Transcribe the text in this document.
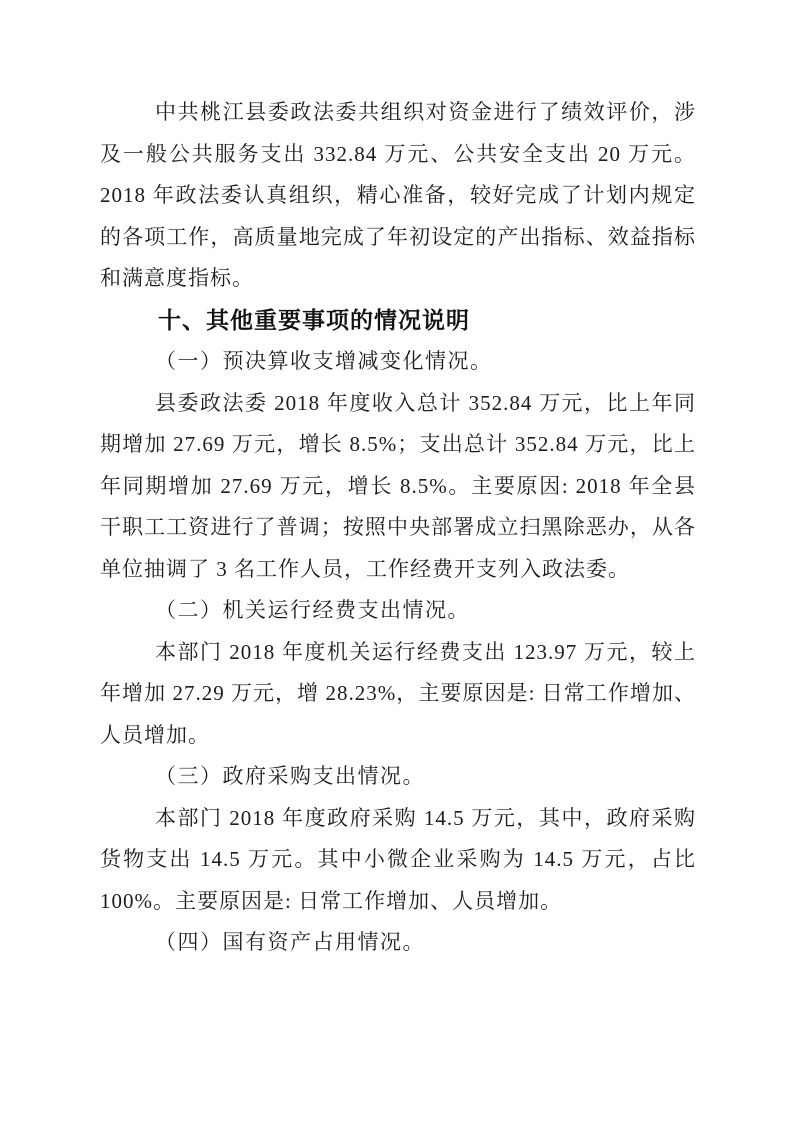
中共桃江县委政法委共组织对资金进行了绩效评价，涉及一般公共服务支出 332.84 万元、公共安全支出 20 万元。2018 年政法委认真组织，精心准备，较好完成了计划内规定的各项工作，高质量地完成了年初设定的产出指标、效益指标和满意度指标。

十、其他重要事项的情况说明

（一）预决算收支增减变化情况。

县委政法委 2018 年度收入总计 352.84 万元，比上年同期增加 27.69 万元，增长 8.5%；支出总计 352.84 万元，比上年同期增加 27.69 万元，增长 8.5%。主要原因: 2018 年全县干职工工资进行了普调；按照中央部署成立扫黑除恶办，从各单位抽调了 3 名工作人员，工作经费开支列入政法委。

（二）机关运行经费支出情况。

本部门 2018 年度机关运行经费支出 123.97 万元，较上年增加 27.29 万元，增 28.23%，主要原因是: 日常工作增加、人员增加。

（三）政府采购支出情况。

本部门 2018 年度政府采购 14.5 万元，其中，政府采购货物支出 14.5 万元。其中小微企业采购为 14.5 万元，占比 100%。主要原因是: 日常工作增加、人员增加。

（四）国有资产占用情况。
